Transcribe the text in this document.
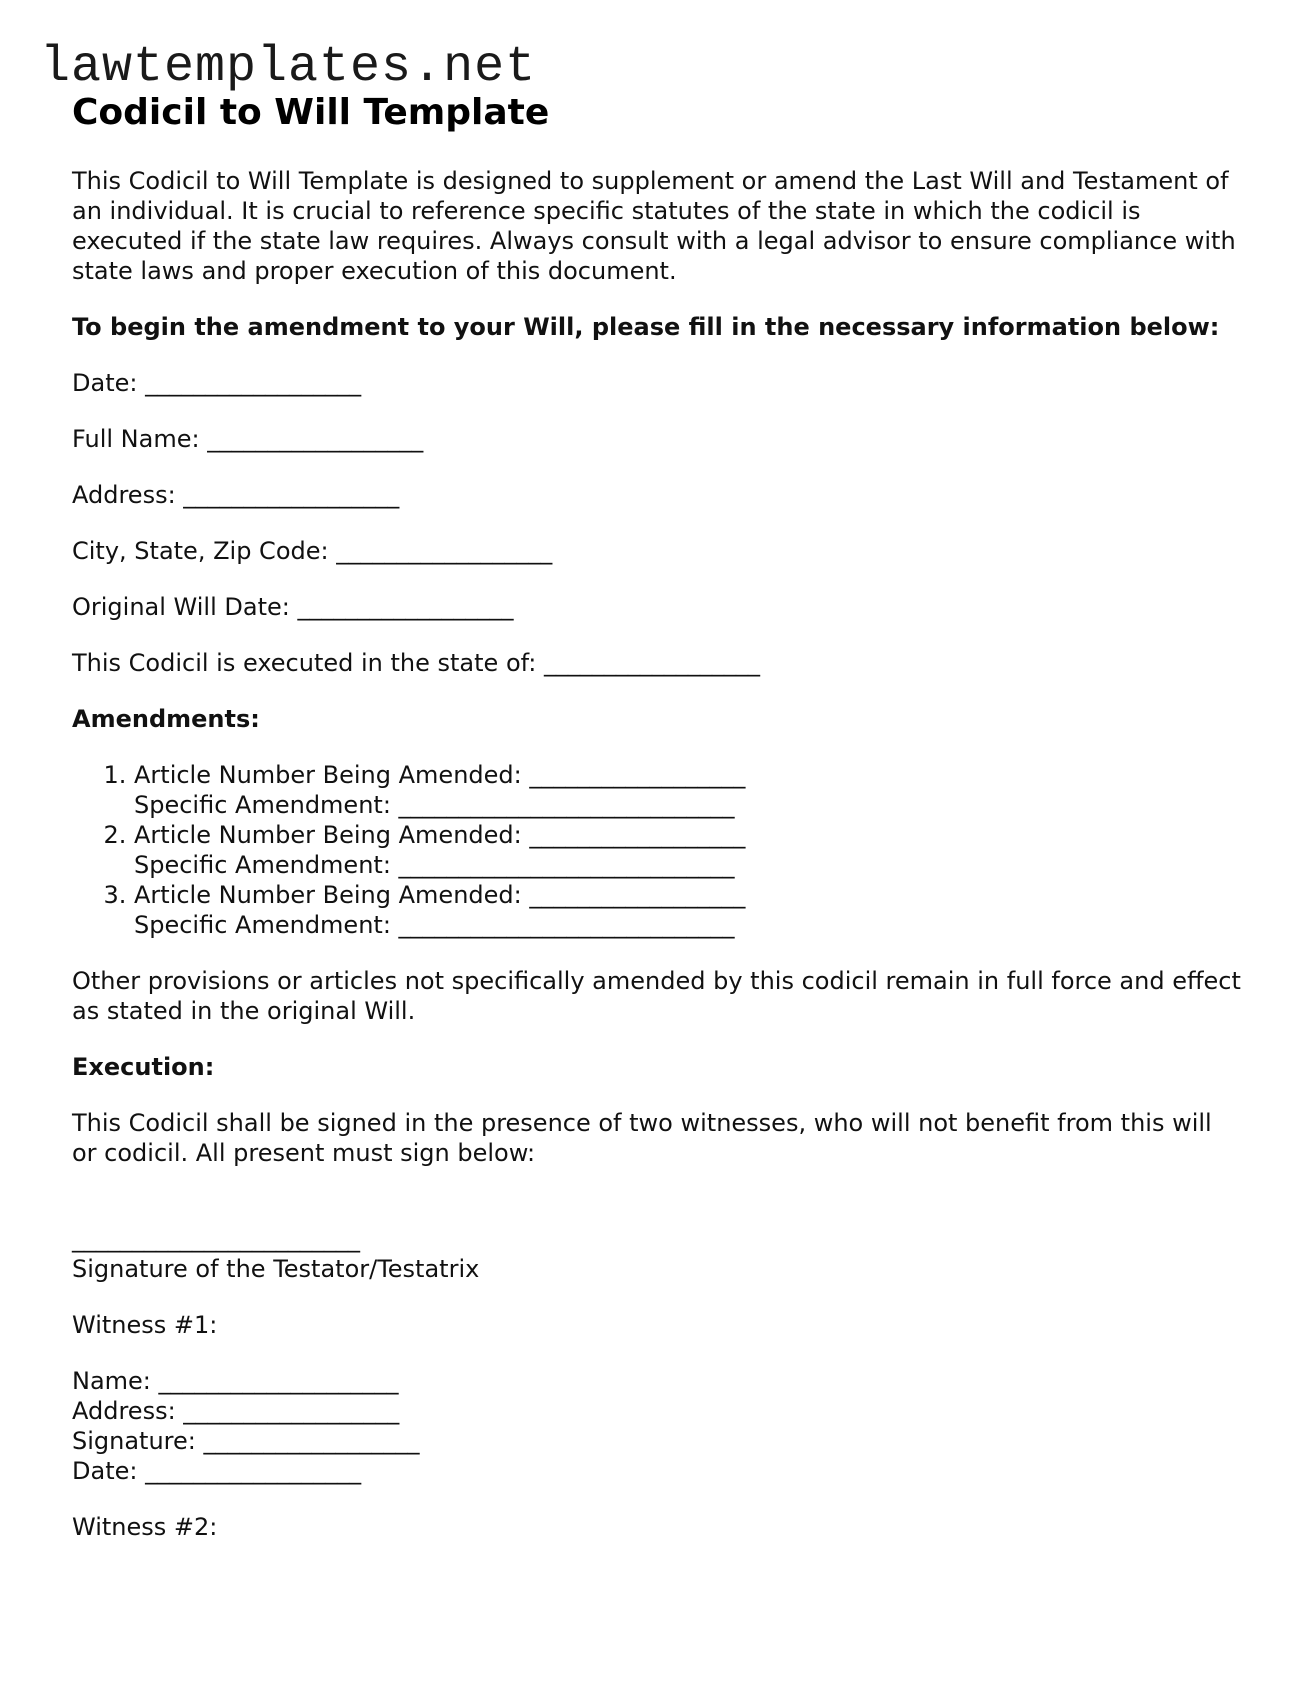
lawtemplates.net
Codicil to Will Template

This Codicil to Will Template is designed to supplement or amend the Last Will and Testament of an individual. It is crucial to reference specific statutes of the state in which the codicil is executed if the state law requires. Always consult with a legal advisor to ensure compliance with state laws and proper execution of this document.

To begin the amendment to your Will, please fill in the necessary information below:

Date: __________________
Full Name: __________________
Address: __________________
City, State, Zip Code: __________________
Original Will Date: __________________
This Codicil is executed in the state of: __________________
Amendments:
1. Article Number Being Amended: __________________
Specific Amendment: ____________________________
2. Article Number Being Amended: __________________
Specific Amendment: ____________________________
3. Article Number Being Amended: __________________
Specific Amendment: ____________________________

Other provisions or articles not specifically amended by this codicil remain in full force and effect as stated in the original Will.

Execution:

This Codicil shall be signed in the presence of two witnesses, who will not benefit from this will or codicil. All present must sign below:

________________________
Signature of the Testator/Testatrix
Witness #1:
Name: ____________________
Address: __________________
Signature: __________________
Date: __________________
Witness #2:
